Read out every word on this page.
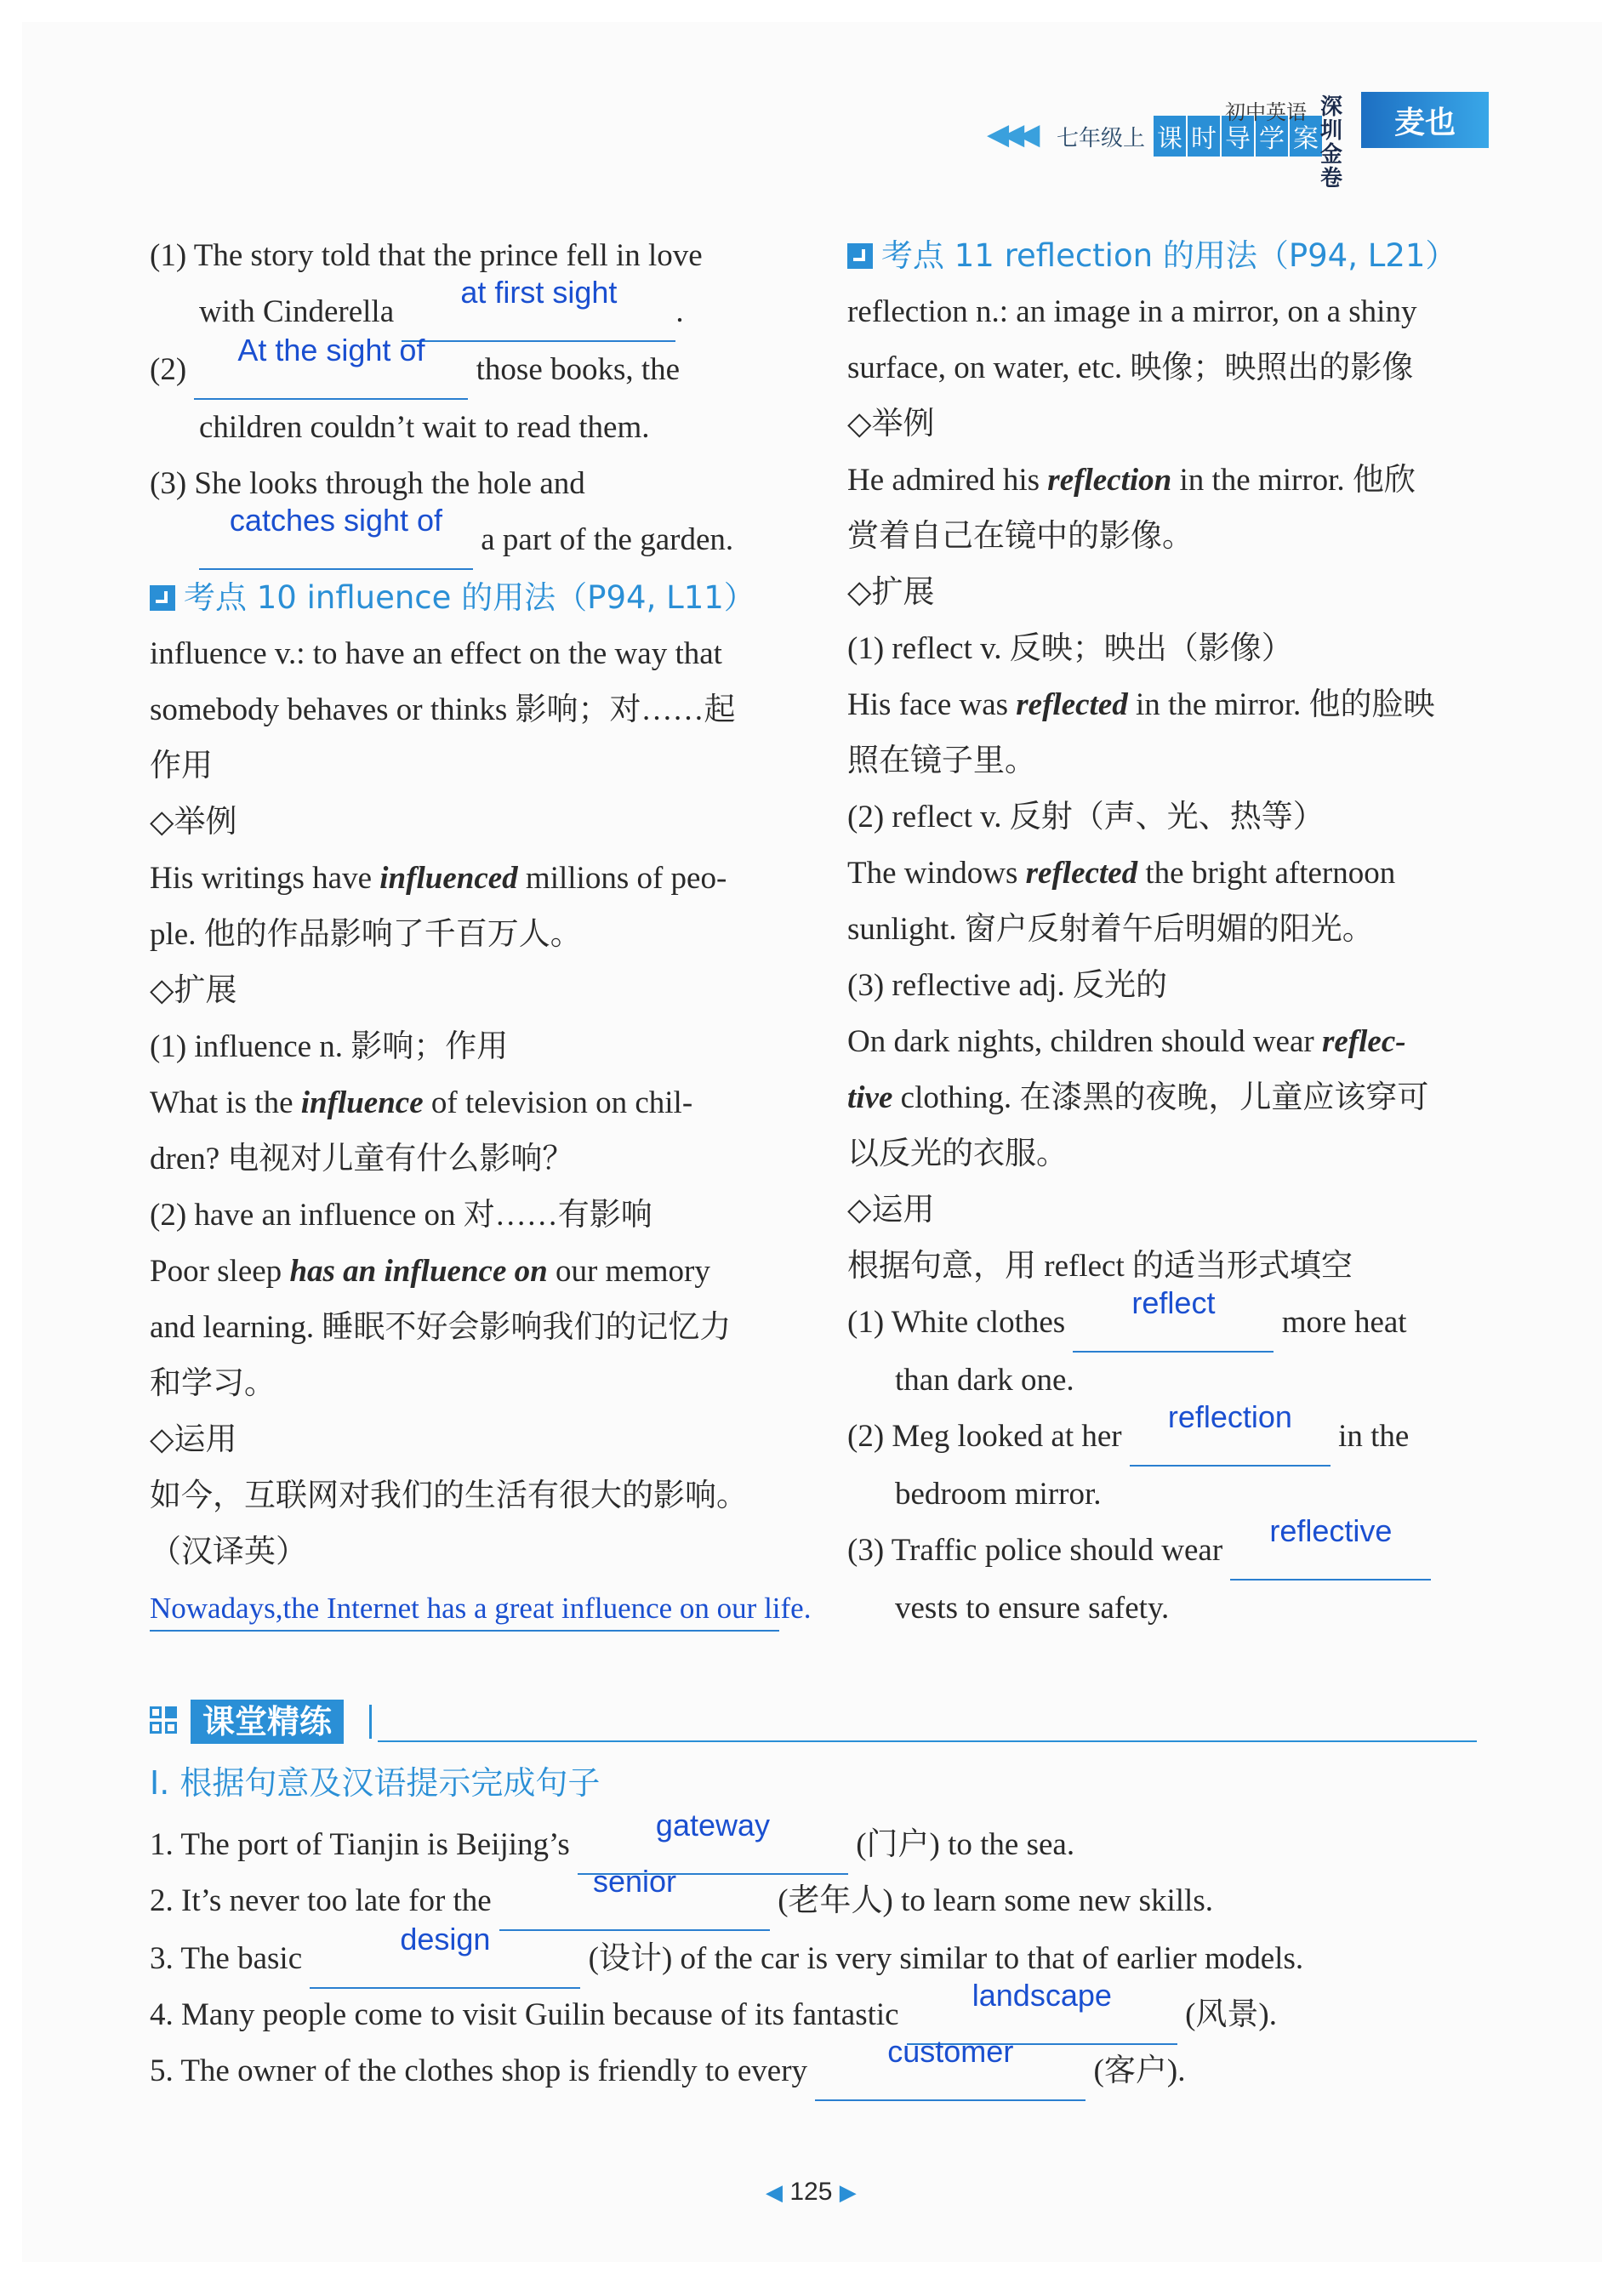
◀◀◀ 七年级上 课 时 导 学 案
初中英语 深圳金卷
麦也
(1) The story told that the prince fell in love
with Cinderella
at first sight
.
(2)
At the sight of
those books, the
children couldn’t wait to read them.
(3) She looks through the hole and
catches sight of
a part of the garden.
考点 10 influence 的用法（P94, L11）
influence v.: to have an effect on the way that
somebody behaves or thinks 影响；对……起
作用
◇举例
His writings have influenced millions of peo-
ple. 他的作品影响了千百万人。
◇扩展
(1) influence n. 影响；作用
What is the influence of television on chil-
dren? 电视对儿童有什么影响？
(2) have an influence on 对……有影响
Poor sleep has an influence on our memory
and learning. 睡眠不好会影响我们的记忆力
和学习。
◇运用
如今，互联网对我们的生活有很大的影响。
（汉译英）
Nowadays,the Internet has a great influence on our life.
考点 11 reflection 的用法（P94, L21）
reflection n.: an image in a mirror, on a shiny
surface, on water, etc. 映像；映照出的影像
◇举例
He admired his reflection in the mirror. 他欣
赏着自己在镜中的影像。
◇扩展
(1) reflect v. 反映；映出（影像）
His face was reflected in the mirror. 他的脸映
照在镜子里。
(2) reflect v. 反射（声、光、热等）
The windows reflected the bright afternoon
sunlight. 窗户反射着午后明媚的阳光。
(3) reflective adj. 反光的
On dark nights, children should wear reflec-
tive clothing. 在漆黑的夜晚，儿童应该穿可
以反光的衣服。
◇运用
根据句意，用 reflect 的适当形式填空
(1) White clothes
reflect
more heat
than dark one.
(2) Meg looked at her
reflection
in the
bedroom mirror.
(3) Traffic police should wear
reflective

vests to ensure safety.
课堂精练
I. 根据句意及汉语提示完成句子
1. The port of Tianjin is Beijing’s
gateway
(门户) to the sea.
2. It’s never too late for the
senior
(老年人) to learn some new skills.
3. The basic
design
(设计) of the car is very similar to that of earlier models.
4. Many people come to visit Guilin because of its fantastic
landscape
(风景).
5. The owner of the clothes shop is friendly to every
customer
(客户).
◀ 125 ▶
